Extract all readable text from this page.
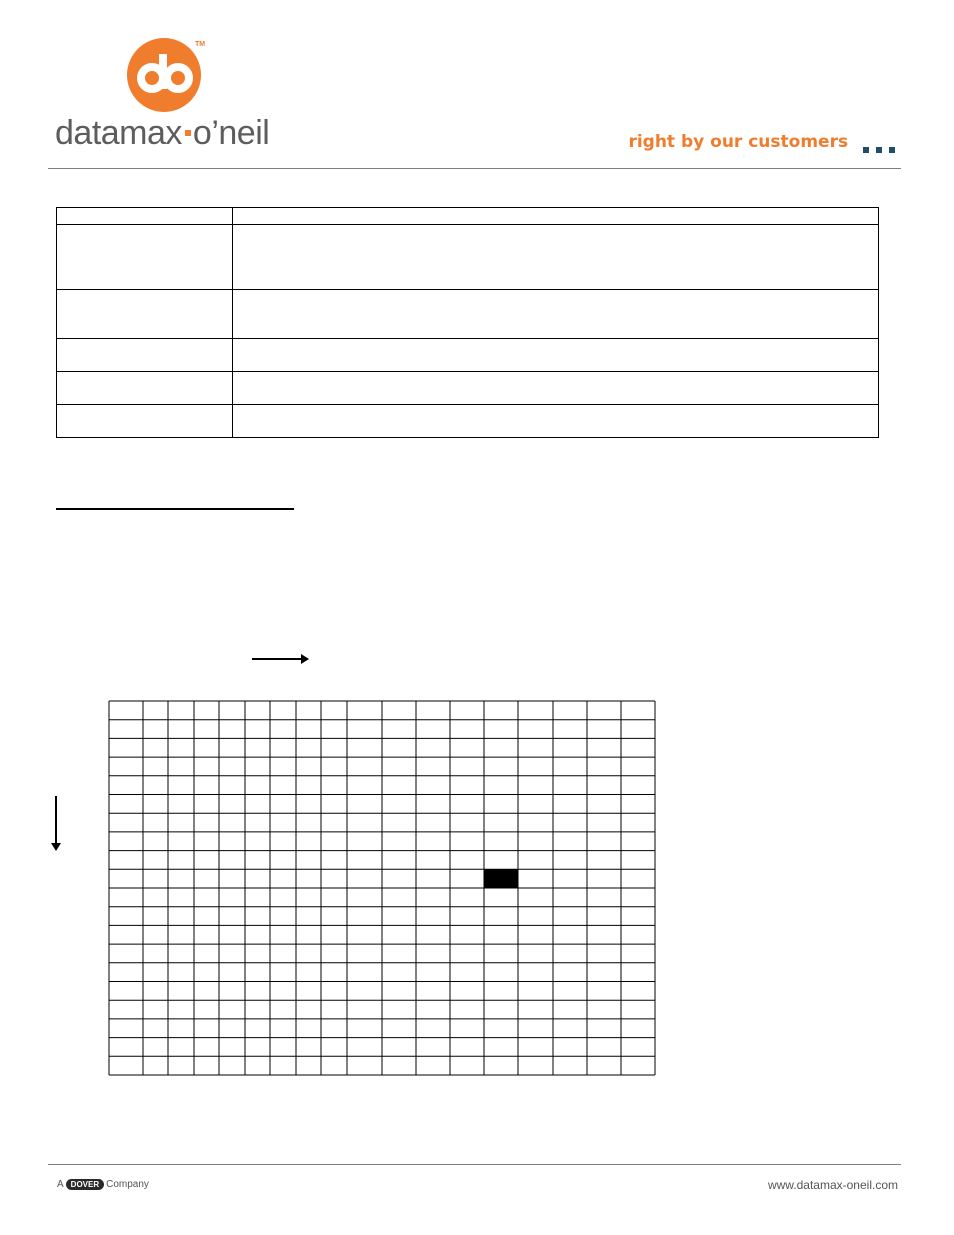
TM
datamax o’neil	right by our customers
A DOVER Company	www.datamax-oneil.com
